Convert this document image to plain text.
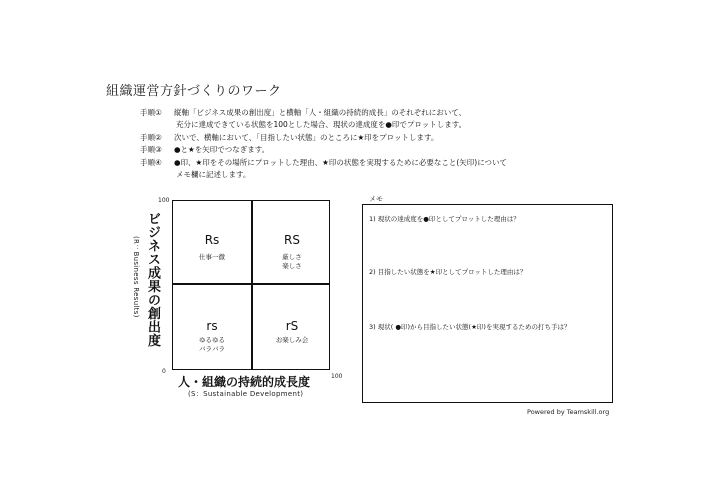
組織運営方針づくりのワーク
手順①	縦軸「ビジネス成果の創出度」と横軸「人・組織の持続的成長」のそれぞれにおいて、
充分に達成できている状態を100とした場合、現状の達成度を●印でプロットします。
手順②	次いで、横軸において、「目指したい状態」のところに★印をプロットします。
手順③	●と★を矢印でつなぎます。
手順④	●印、★印をその場所にプロットした理由、★印の状態を実現するために必要なこと(矢印)について
メモ欄に記述します。
ビジネス成果の創出度
(R：Business Results)
100
0
100
Rs
仕事一徹
RS
厳しさ
楽しさ
rs
ゆるゆる
バラバラ
rS
お楽しみ会
人・組織の持続的成長度
(S：Sustainable Development)
メモ
1) 現状の達成度を●印としてプロットした理由は？
2) 目指したい状態を★印としてプロットした理由は？
3) 現状( ●印)から目指したい状態(★印)を実現するための打ち手は？
Powered by Teamskill.org
